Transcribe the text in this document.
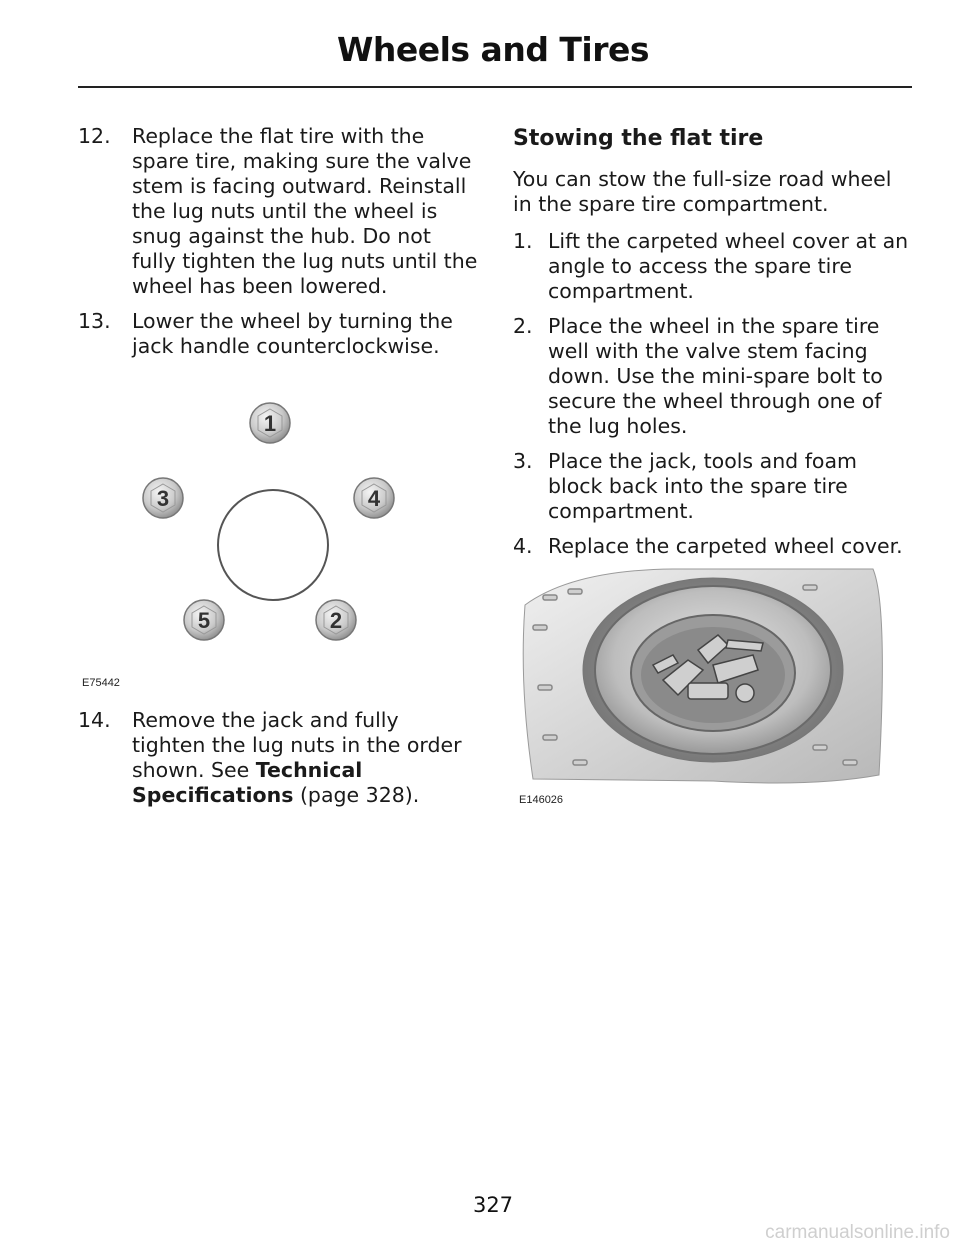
Wheels and Tires
12. Replace the flat tire with the spare tire, making sure the valve stem is facing outward. Reinstall the lug nuts until the wheel is snug against the hub. Do not fully tighten the lug nuts until the wheel has been lowered.
13. Lower the wheel by turning the jack handle counterclockwise.
1
4
3
5	2
E75442
14. Remove the jack and fully tighten the lug nuts in the order shown. See Technical Specifications (page 328).
Stowing the flat tire
You can stow the full-size road wheel in the spare tire compartment.
1. Lift the carpeted wheel cover at an angle to access the spare tire compartment.
2. Place the wheel in the spare tire well with the valve stem facing down. Use the mini-spare bolt to secure the wheel through one of the lug holes.
3. Place the jack, tools and foam block back into the spare tire compartment.
4. Replace the carpeted wheel cover.
E146026
327
carmanualsonline.info
